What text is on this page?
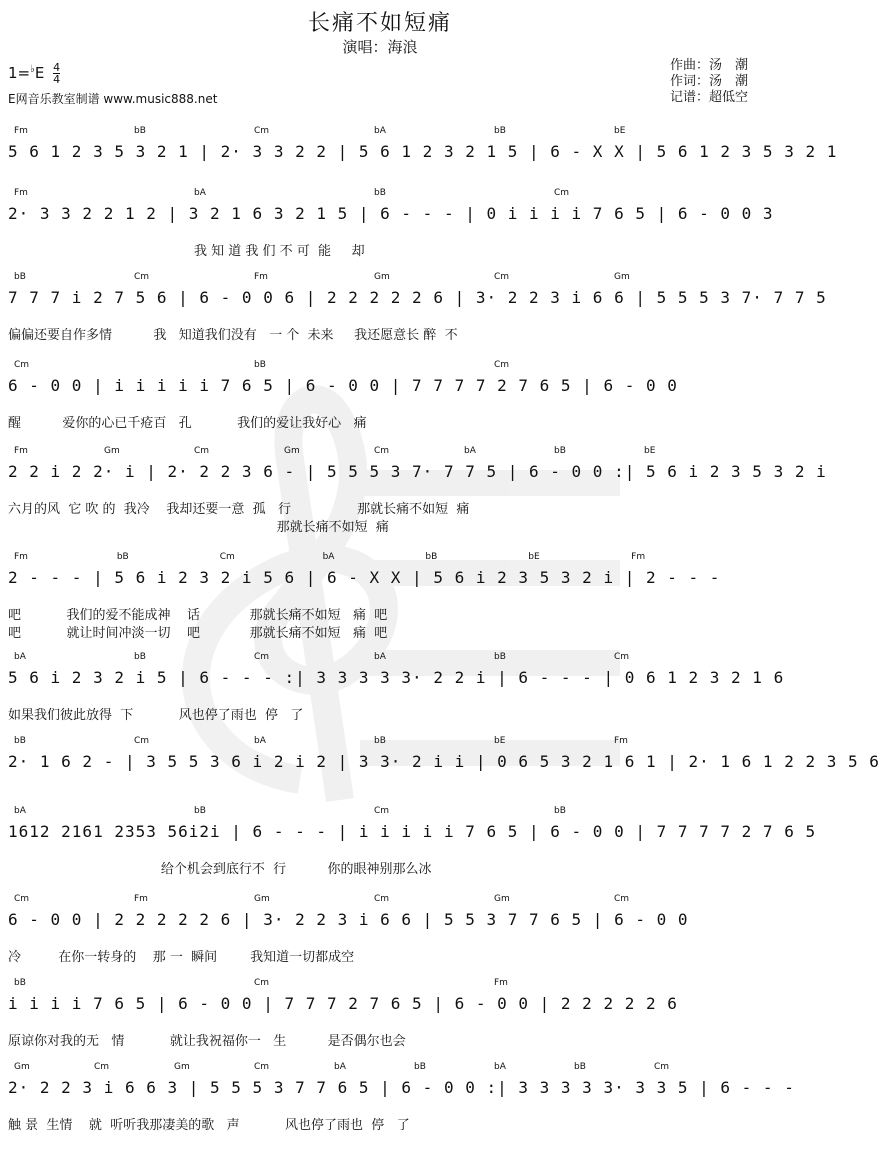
长痛不如短痛
演唱：海浪
$1=^♭E \frac{4}{4}$
E网音乐教室制谱 www.music888.net
作曲：汤　潮
作词：汤　潮
记谱：超低空
Fm	bB	Cm	bA	bB	bE
5 6 1 2 3 5 3 2 1 | 2· 3 3 2 2 | 5 6 1 2 3 2 1 5 | 6 - X X | 5 6 1 2 3 5 3 2 1
Fm	bA	bB	Cm
2· 3 3 2 2 1 2 | 3 2 1 6 3 2 1 5 | 6 - - - | 0 i i i i 7 6 5 | 6 - 0 0 3
我 知 道 我 们 不 可  能     却
bB	Cm	Fm	Gm	Cm	Gm
7 7 7 i 2 7 5 6 | 6 - 0 0 6 | 2 2 2 2 2 6 | 3· 2 2 3 i 6 6 | 5 5 5 3 7· 7 7 5
偏偏还要自作多情          我   知道我们没有   一 个  未来     我还愿意长 醉  不
Cm	bB	Cm
6 - 0 0 | i i i i i 7 6 5 | 6 - 0 0 | 7 7 7 7 2 7 6 5 | 6 - 0 0
醒          爱你的心已千疮百   孔           我们的爱让我好心   痛
Fm	Gm	Cm	Gm	Cm	bA	bB	bE
2 2 i 2 2· i | 2· 2 2 3 6 - | 5 5 5 3 7· 7 7 5 | 6 - 0 0 :| 5 6 i 2 3 5 3 2 i
六月的风  它 吹 的  我冷    我却还要一意  孤   行                那就长痛不如短  痛
那就长痛不如短  痛
Fm	bB	Cm	bA	bB	bE	Fm
2 - - - | 5 6 i 2 3 2 i 5 6 | 6 - X X | 5 6 i 2 3 5 3 2 i | 2 - - -
吧           我们的爱不能成神    话            那就长痛不如短   痛  吧
吧           就让时间冲淡一切    吧            那就长痛不如短   痛  吧
bA	bB	Cm	bA	bB	Cm
5 6 i 2 3 2 i 5 | 6 - - - :| 3 3 3 3 3· 2 2 i | 6 - - - | 0 6 1 2 3 2 1 6
如果我们彼此放得  下           风也停了雨也  停   了
bB	Cm	bA	bB	bE	Fm
2· 1 6 2 - | 3 5 5 3 6 i 2 i 2 | 3 3· 2 i i | 0 6 5 3 2 1 6 1 | 2· 1 6 1 2 2 3 5 6
bA	bB	Cm	bB
1612 2161 2353 56i2i | 6 - - - | i i i i i 7 6 5 | 6 - 0 0 | 7 7 7 7 2 7 6 5
给个机会到底行不  行          你的眼神别那么冰
Cm	Fm	Gm	Cm	Gm	Cm
6 - 0 0 | 2 2 2 2 2 6 | 3· 2 2 3 i 6 6 | 5 5 3 7 7 6 5 | 6 - 0 0
冷         在你一转身的    那 一  瞬间        我知道一切都成空
bB	Cm	Fm
i i i i 7 6 5 | 6 - 0 0 | 7 7 7 2 7 6 5 | 6 - 0 0 | 2 2 2 2 2 6
原谅你对我的无   情           就让我祝福你一   生          是否偶尔也会
Gm	Cm	Gm	Cm	bA	bB	bA	bB	Cm
2· 2 2 3 i 6 6 3 | 5 5 5 3 7 7 6 5 | 6 - 0 0 :| 3 3 3 3 3· 3 3 5 | 6 - - -
触 景  生情    就  听听我那凄美的歌   声           风也停了雨也  停   了
